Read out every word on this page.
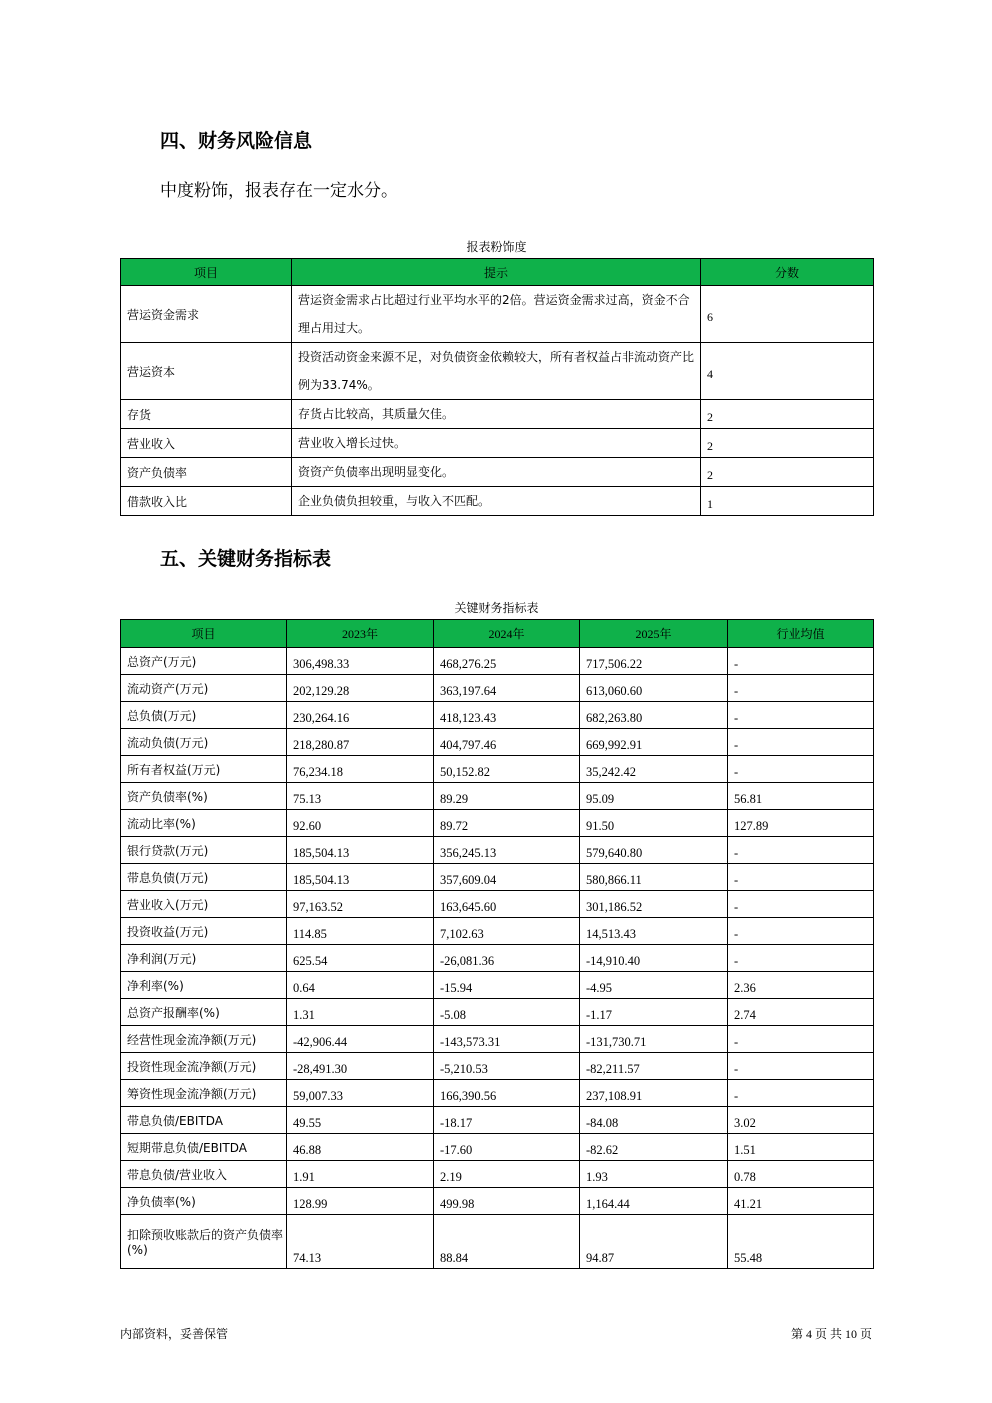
四、财务风险信息

中度粉饰，报表存在一定水分。

报表粉饰度

项目	提示	分数
营运资金需求	营运资金需求占比超过行业平均水平的2倍。营运资金需求过高，资金不合理占用过大。	6
营运资本	投资活动资金来源不足，对负债资金依赖较大，所有者权益占非流动资产比例为33.74%。	4
存货	存货占比较高，其质量欠佳。	2
营业收入	营业收入增长过快。	2
资产负债率	资资产负债率出现明显变化。	2
借款收入比	企业负债负担较重，与收入不匹配。	1
五、关键财务指标表

关键财务指标表

项目	2023年	2024年	2025年	行业均值
总资产(万元)	306,498.33	468,276.25	717,506.22	-
流动资产(万元)	202,129.28	363,197.64	613,060.60	-
总负债(万元)	230,264.16	418,123.43	682,263.80	-
流动负债(万元)	218,280.87	404,797.46	669,992.91	-
所有者权益(万元)	76,234.18	50,152.82	35,242.42	-
资产负债率(%)	75.13	89.29	95.09	56.81
流动比率(%)	92.60	89.72	91.50	127.89
银行贷款(万元)	185,504.13	356,245.13	579,640.80	-
带息负债(万元)	185,504.13	357,609.04	580,866.11	-
营业收入(万元)	97,163.52	163,645.60	301,186.52	-
投资收益(万元)	114.85	7,102.63	14,513.43	-
净利润(万元)	625.54	-26,081.36	-14,910.40	-
净利率(%)	0.64	-15.94	-4.95	2.36
总资产报酬率(%)	1.31	-5.08	-1.17	2.74
经营性现金流净额(万元)	-42,906.44	-143,573.31	-131,730.71	-
投资性现金流净额(万元)	-28,491.30	-5,210.53	-82,211.57	-
筹资性现金流净额(万元)	59,007.33	166,390.56	237,108.91	-
带息负债/EBITDA	49.55	-18.17	-84.08	3.02
短期带息负债/EBITDA	46.88	-17.60	-82.62	1.51
带息负债/营业收入	1.91	2.19	1.93	0.78
净负债率(%)	128.99	499.98	1,164.44	41.21
扣除预收账款后的资产负债率(%)	74.13	88.84	94.87	55.48

内部资料，妥善保管	第 4 页 共 10 页
